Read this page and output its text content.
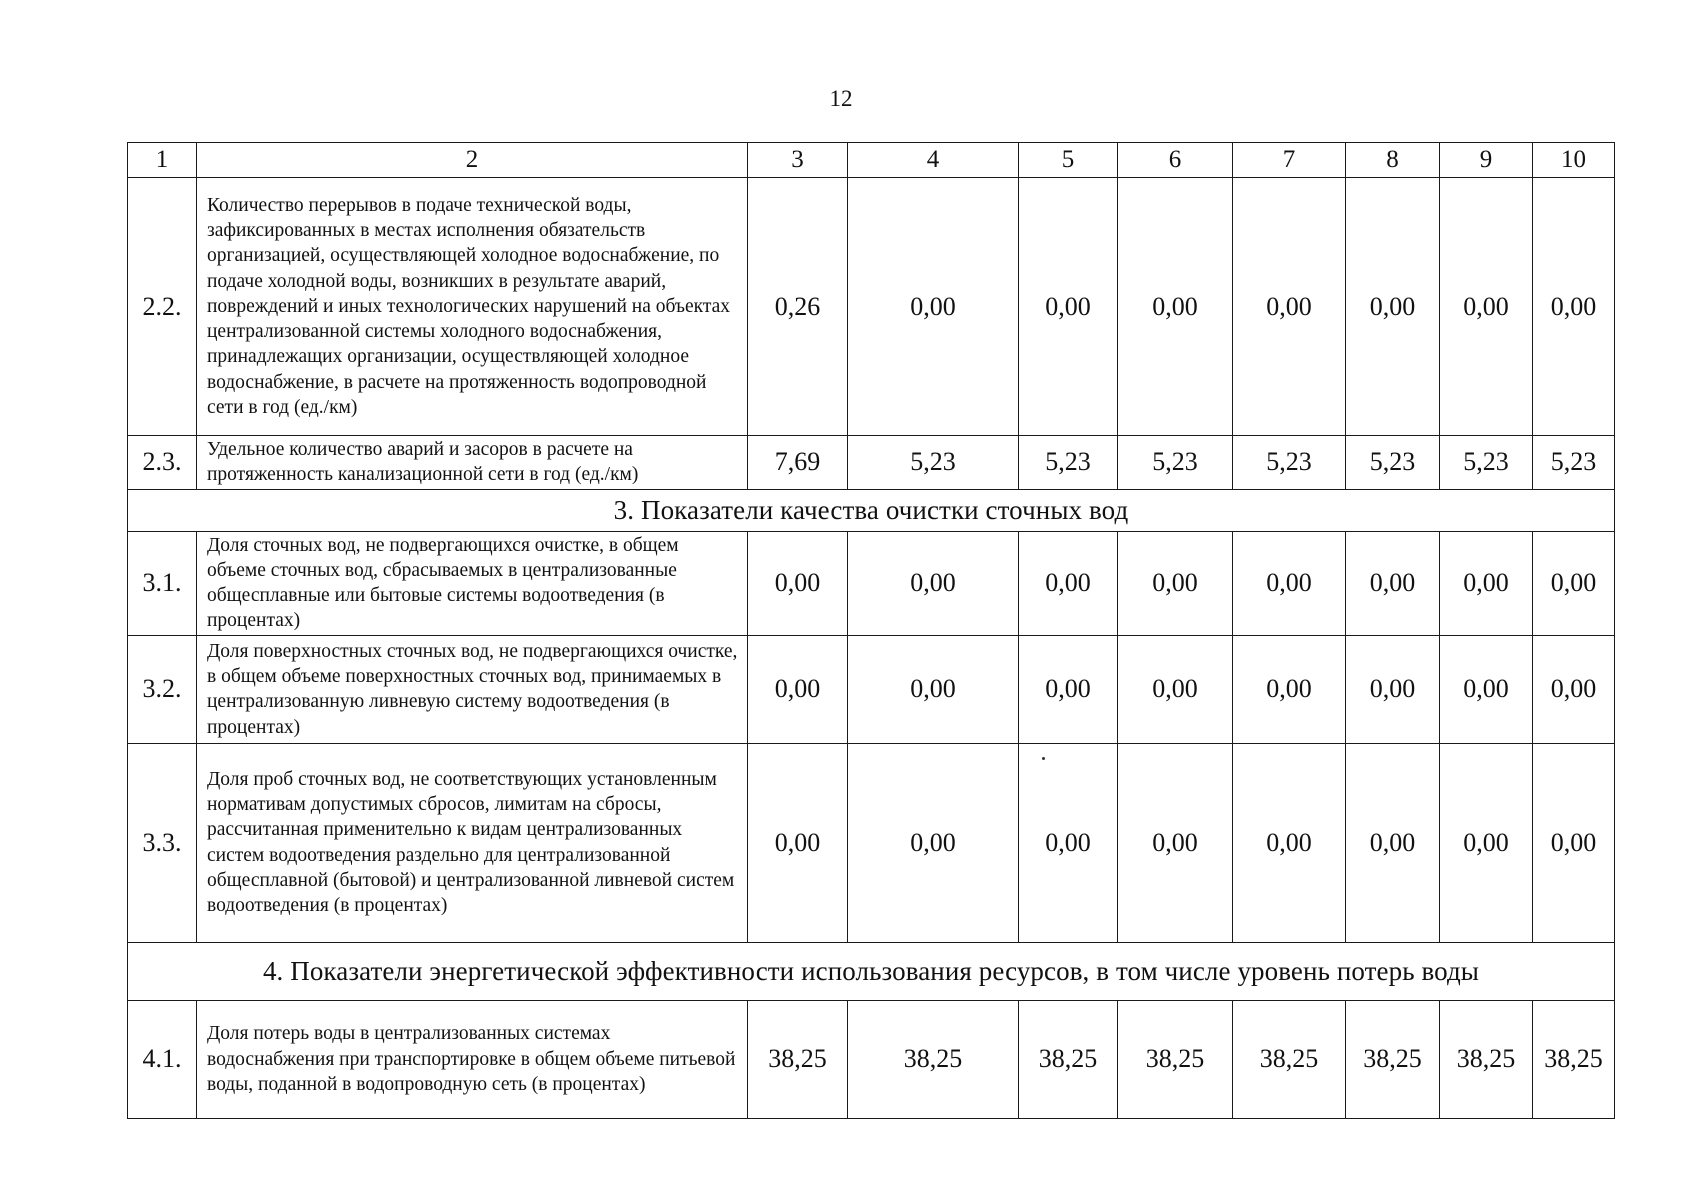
12
1	2	3	4	5	6	7	8	9	10
2.2.	Количество перерывов в подаче технической воды, зафиксированных в местах исполнения обязательств организацией, осуществляющей холодное водоснабжение, по подаче холодной воды, возникших в результате аварий, повреждений и иных технологических нарушений на объектах централизованной системы холодного водоснабжения, принадлежащих организации, осуществляющей холодное водоснабжение, в расчете на протяженность водопроводной сети в год (ед./км)	0,26	0,00	0,00	0,00	0,00	0,00	0,00	0,00
2.3.	Удельное количество аварий и засоров в расчете на протяженность канализационной сети в год (ед./км)	7,69	5,23	5,23	5,23	5,23	5,23	5,23	5,23
3. Показатели качества очистки сточных вод									
3.1.	Доля сточных вод, не подвергающихся очистке, в общем объеме сточных вод, сбрасываемых в централизованные общесплавные или бытовые системы водоотведения (в процентах)	0,00	0,00	0,00	0,00	0,00	0,00	0,00	0,00
3.2.	Доля поверхностных сточных вод, не подвергающихся очистке, в общем объеме поверхностных сточных вод, принимаемых в централизованную ливневую систему водоотведения (в процентах)	0,00	0,00	0,00	0,00	0,00	0,00	0,00	0,00
3.3.	Доля проб сточных вод, не соответствующих установленным нормативам допустимых сбросов, лимитам на сбросы, рассчитанная применительно к видам централизованных систем водоотведения раздельно для централизованной общесплавной (бытовой) и централизованной ливневой систем водоотведения (в процентах)	0,00	0,00	0,00	0,00	0,00	0,00	0,00	0,00
4. Показатели энергетической эффективности использования ресурсов, в том числе уровень потерь воды									
4.1.	Доля потерь воды в централизованных системах водоснабжения при транспортировке в общем объеме питьевой воды, поданной в водопроводную сеть (в процентах)	38,25	38,25	38,25	38,25	38,25	38,25	38,25	38,25
